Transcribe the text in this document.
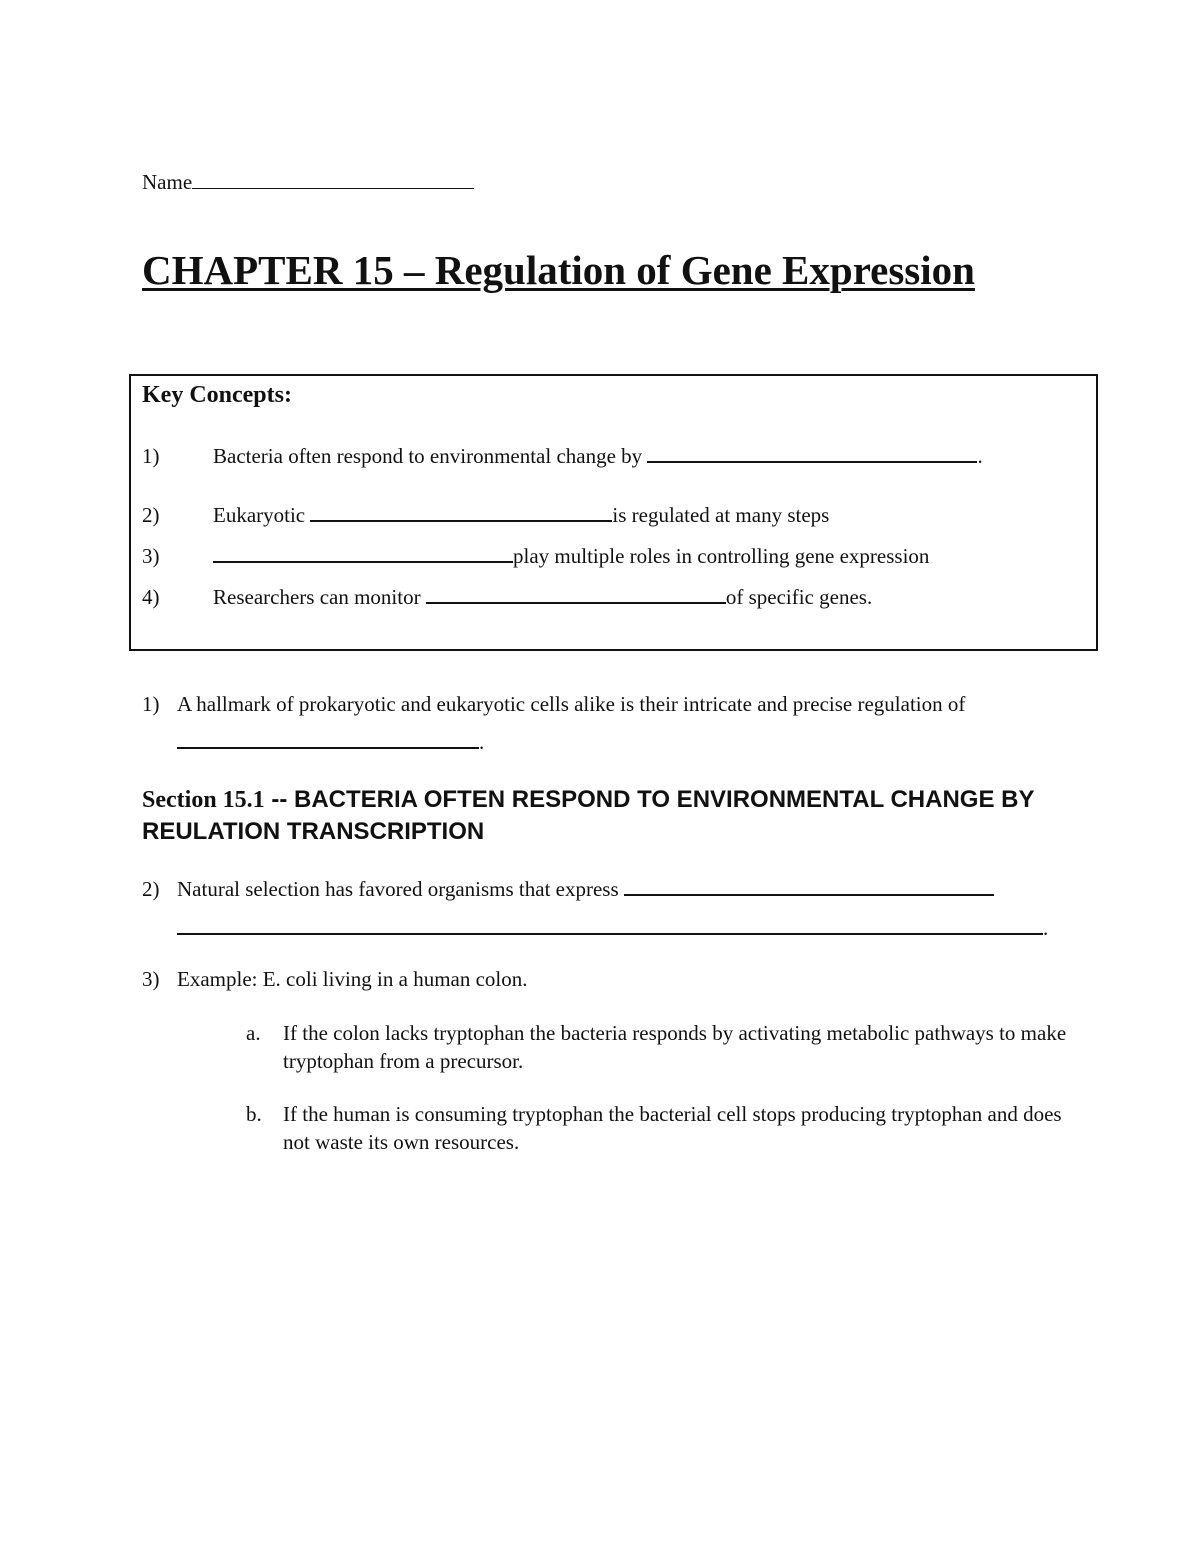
Name
CHAPTER 15 – Regulation of Gene Expression
Key Concepts:
1)	Bacteria often respond to environmental change by	.
2)	Eukaryotic	is regulated at many steps
3)	play multiple roles in controlling gene expression
4)	Researchers can monitor	of specific genes.
1) A hallmark of prokaryotic and eukaryotic cells alike is their intricate and precise regulation of
.
Section 15.1 -- BACTERIA OFTEN RESPOND TO ENVIRONMENTAL CHANGE BY REULATION TRANSCRIPTION
2) Natural selection has favored organisms that express
.
3) Example: E. coli living in a human colon.
a. If the colon lacks tryptophan the bacteria responds by activating metabolic pathways to make tryptophan from a precursor.
b. If the human is consuming tryptophan the bacterial cell stops producing tryptophan and does not waste its own resources.
